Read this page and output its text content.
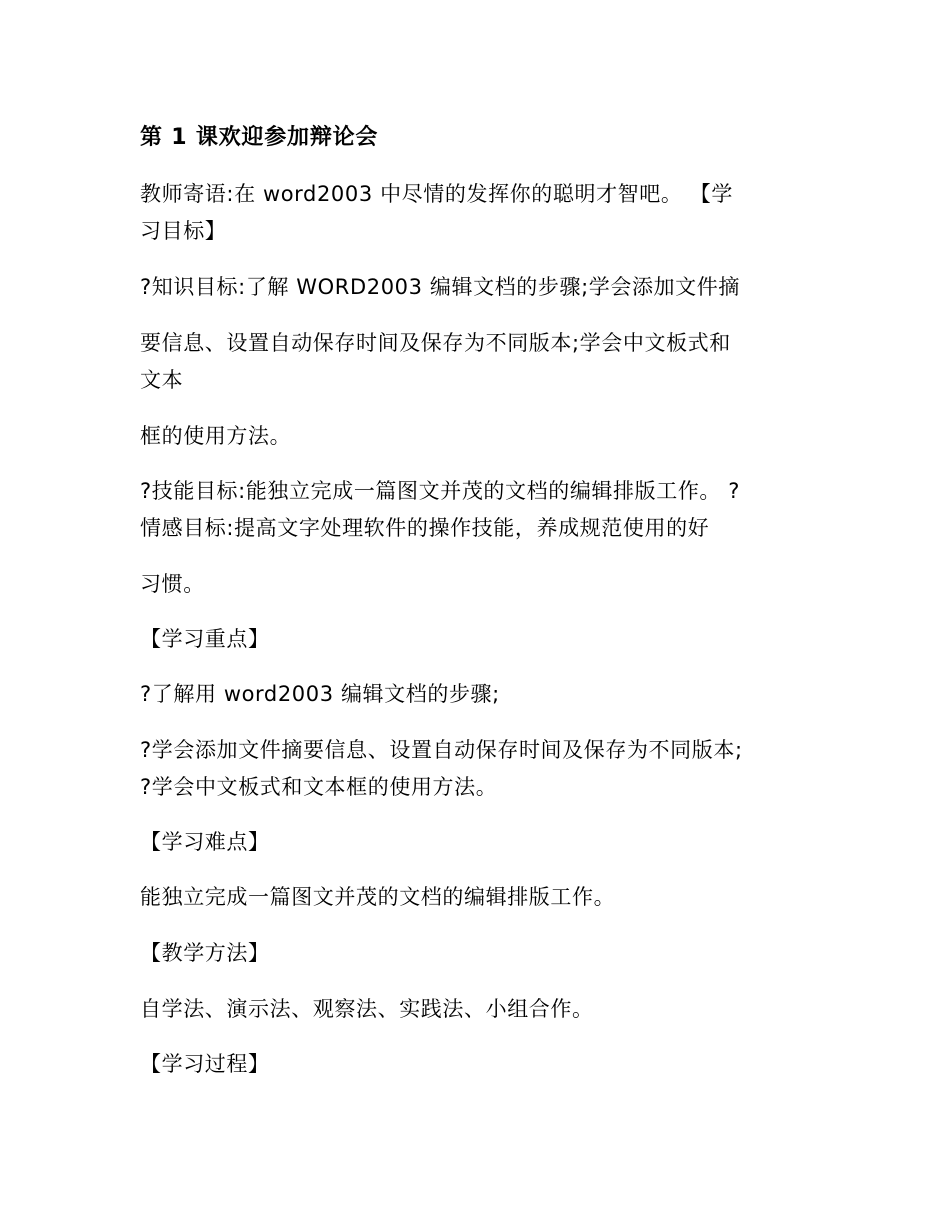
第 1 课欢迎参加辩论会
教师寄语:在 word2003 中尽情的发挥你的聪明才智吧。 【学
习目标】
?知识目标:了解 WORD2003 编辑文档的步骤;学会添加文件摘
要信息、设置自动保存时间及保存为不同版本;学会中文板式和
文本
框的使用方法。
?技能目标:能独立完成一篇图文并茂的文档的编辑排版工作。 ?
情感目标:提高文字处理软件的操作技能，养成规范使用的好
习惯。
【学习重点】
?了解用 word2003 编辑文档的步骤;
?学会添加文件摘要信息、设置自动保存时间及保存为不同版本;
?学会中文板式和文本框的使用方法。
【学习难点】
能独立完成一篇图文并茂的文档的编辑排版工作。
【教学方法】
自学法、演示法、观察法、实践法、小组合作。
【学习过程】
